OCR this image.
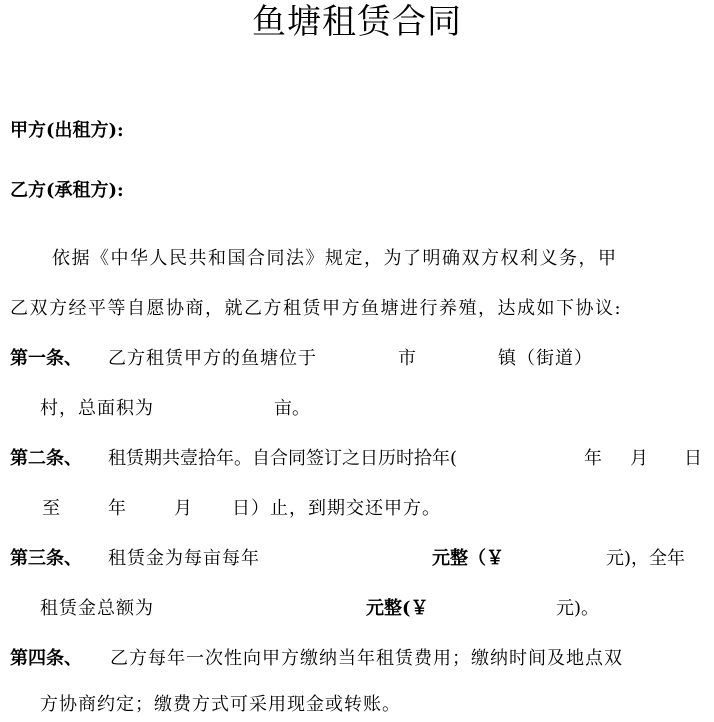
鱼塘租赁合同
甲方(出租方):
乙方(承租方):
依据《中华人民共和国合同法》规定，为了明确双方权利义务，甲
乙双方经平等自愿协商，就乙方租赁甲方鱼塘进行养殖，达成如下协议:
第一条、 乙方租赁甲方的鱼塘位于	市	镇（街道）
村，总面积为	亩。
第二条、 租赁期共壹拾年。自合同签订之日历时拾年(	年 月 日
至	年	月 日）止，到期交还甲方。
第三条、 租赁金为每亩每年	元整（￥	元)，全年
租赁金总额为	元整(￥	元)。
第四条、 乙方每年一次性向甲方缴纳当年租赁费用；缴纳时间及地点双
方协商约定；缴费方式可采用现金或转账。
